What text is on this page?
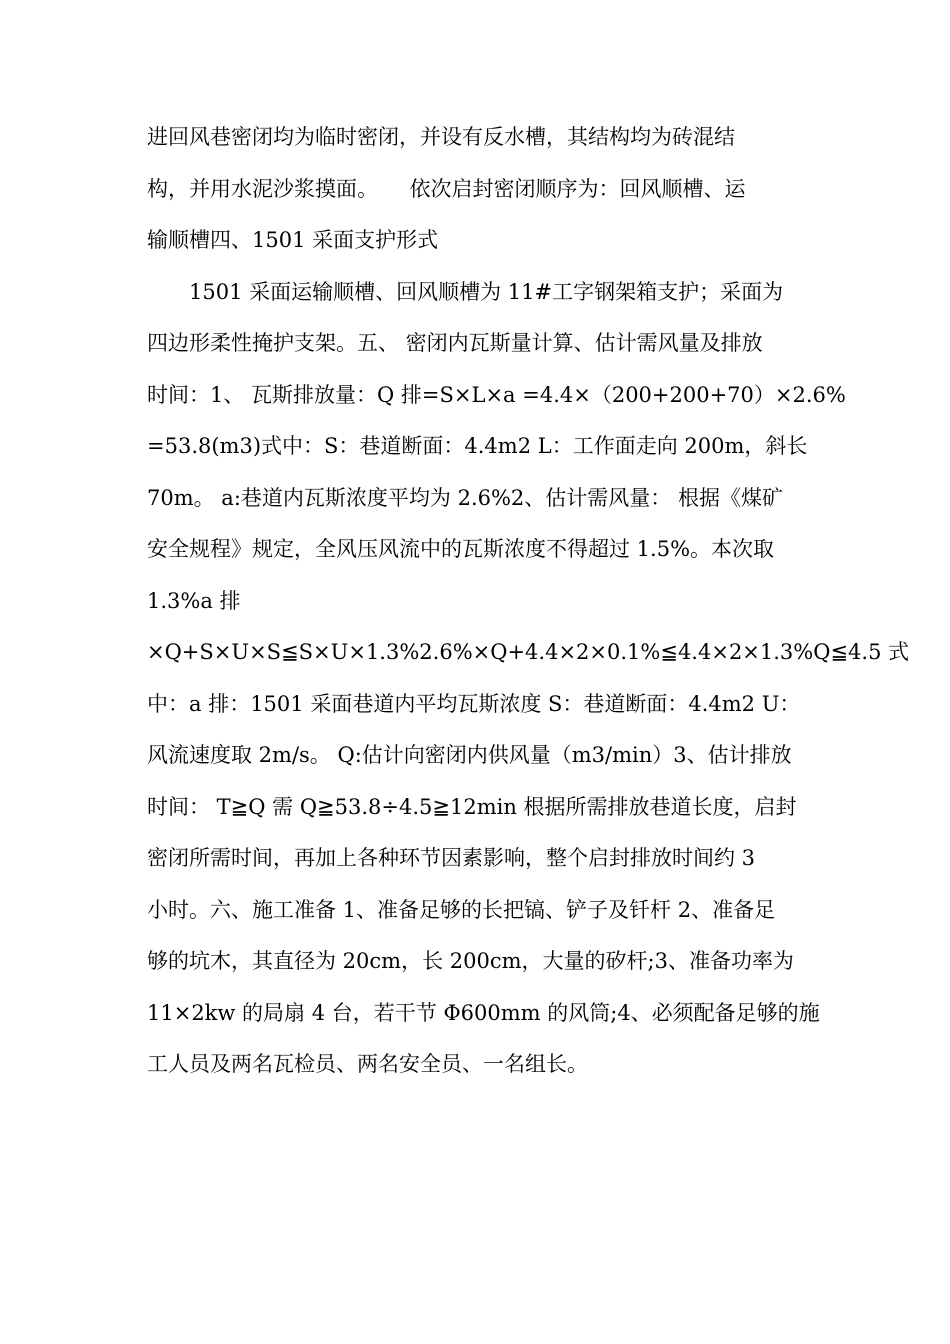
进回风巷密闭均为临时密闭，并设有反水槽，其结构均为砖混结
构，并用水泥沙浆摸面。　　依次启封密闭顺序为：回风顺槽、运
输顺槽四、1501 采面支护形式
1501 采面运输顺槽、回风顺槽为 11#工字钢架箱支护；采面为
四边形柔性掩护支架。五、 密闭内瓦斯量计算、估计需风量及排放
时间：1、 瓦斯排放量：Q 排=S×L×a =4.4×（200+200+70）×2.6%
=53.8(m3)式中：S：巷道断面：4.4m2 L：工作面走向 200m，斜长
70m。 a:巷道内瓦斯浓度平均为 2.6%2、估计需风量： 根据《煤矿
安全规程》规定，全风压风流中的瓦斯浓度不得超过 1.5%。本次取
1.3%a 排
×Q+S×U×S≦S×U×1.3%2.6%×Q+4.4×2×0.1%≦4.4×2×1.3%Q≦4.5 式
中：a 排：1501 采面巷道内平均瓦斯浓度 S：巷道断面：4.4m2 U：
风流速度取 2m/s。 Q:估计向密闭内供风量（m3/min）3、估计排放
时间： T≧Q 需 Q≧53.8÷4.5≧12min 根据所需排放巷道长度，启封
密闭所需时间，再加上各种环节因素影响，整个启封排放时间约 3
小时。六、施工准备 1、准备足够的长把镐、铲子及钎杆 2、准备足
够的坑木，其直径为 20cm，长 200cm，大量的矽杆;3、准备功率为
11×2kw 的局扇 4 台，若干节 Φ600mm 的风筒;4、必须配备足够的施
工人员及两名瓦检员、两名安全员、一名组长。
